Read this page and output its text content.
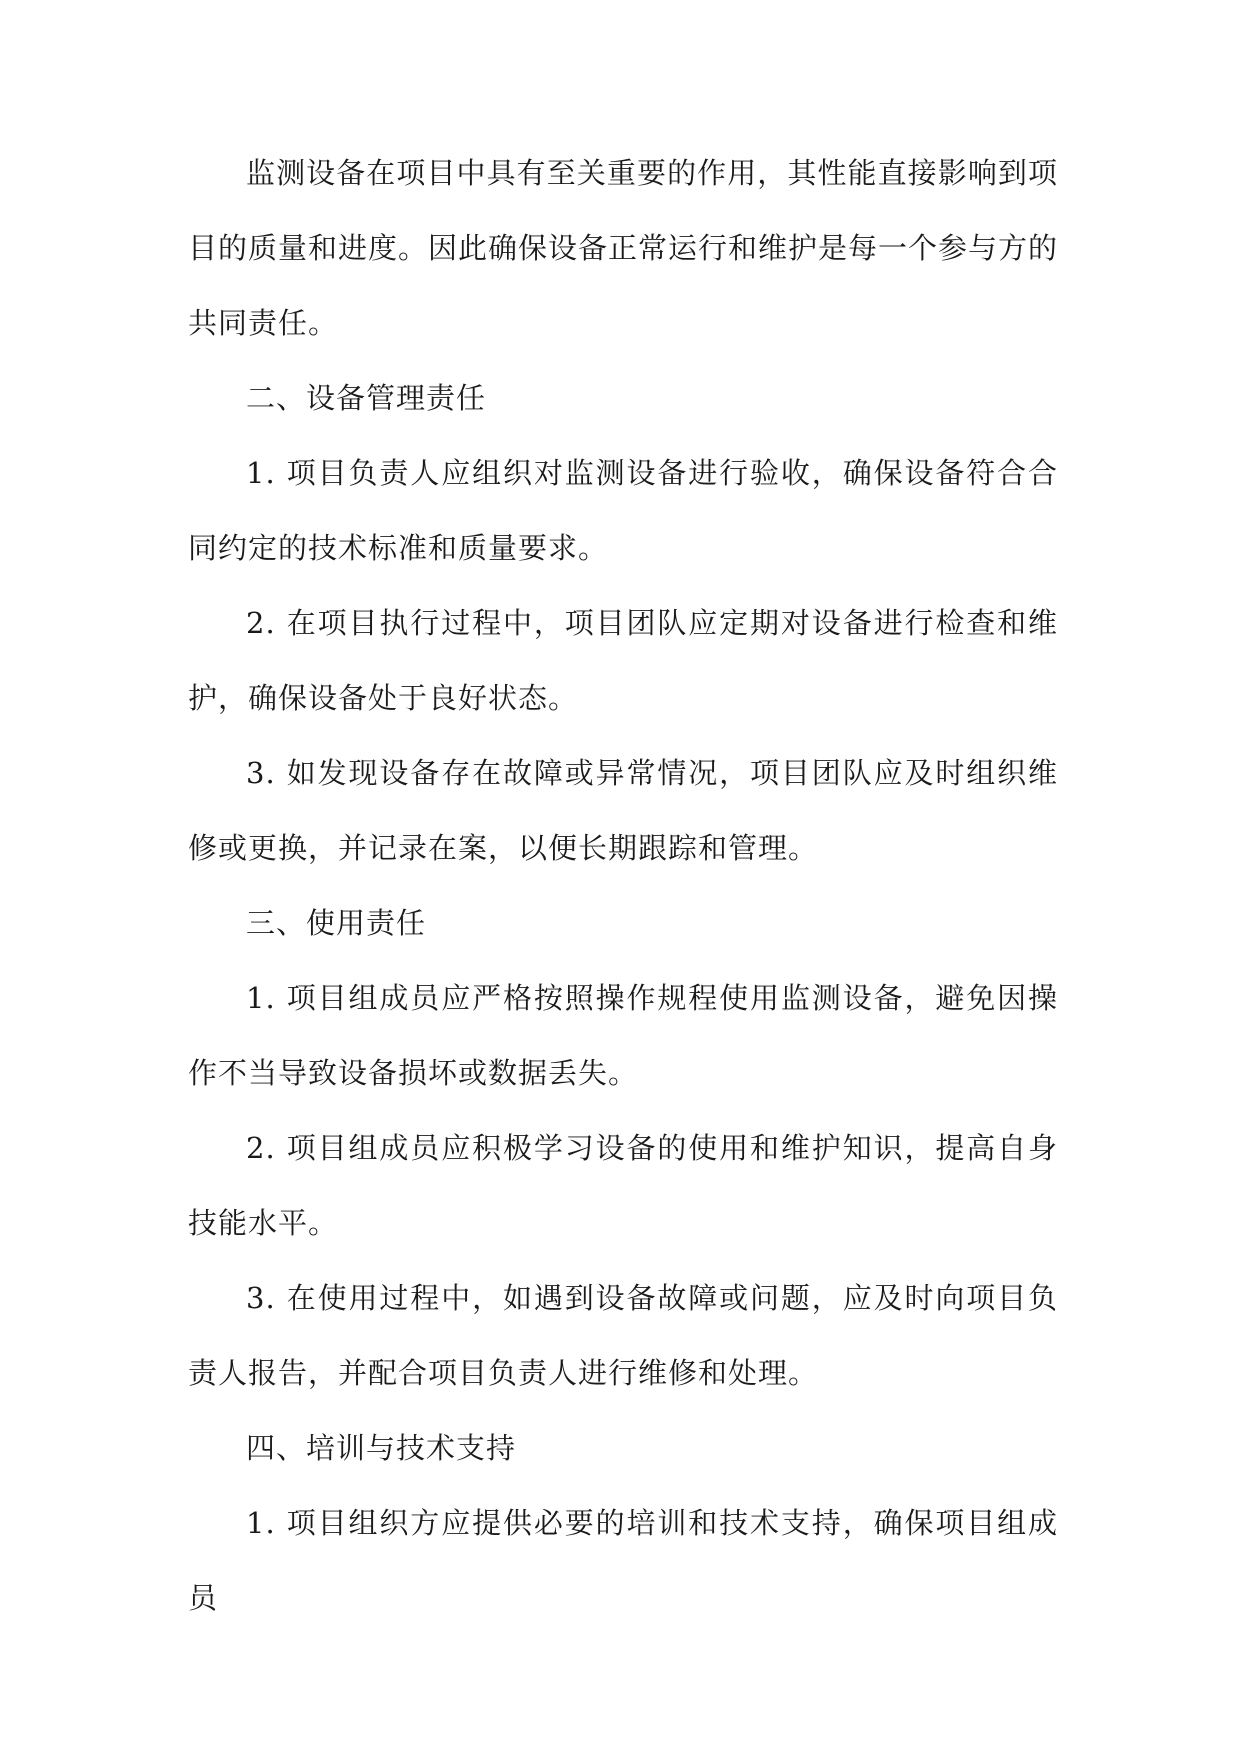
监测设备在项目中具有至关重要的作用，其性能直接影响到项目的质量和进度。因此确保设备正常运行和维护是每一个参与方的共同责任。

二、设备管理责任

1. 项目负责人应组织对监测设备进行验收，确保设备符合合同约定的技术标准和质量要求。

2. 在项目执行过程中，项目团队应定期对设备进行检查和维护，确保设备处于良好状态。

3. 如发现设备存在故障或异常情况，项目团队应及时组织维修或更换，并记录在案，以便长期跟踪和管理。

三、使用责任

1. 项目组成员应严格按照操作规程使用监测设备，避免因操作不当导致设备损坏或数据丢失。

2. 项目组成员应积极学习设备的使用和维护知识，提高自身技能水平。

3. 在使用过程中，如遇到设备故障或问题，应及时向项目负责人报告，并配合项目负责人进行维修和处理。

四、培训与技术支持

1. 项目组织方应提供必要的培训和技术支持，确保项目组成员
